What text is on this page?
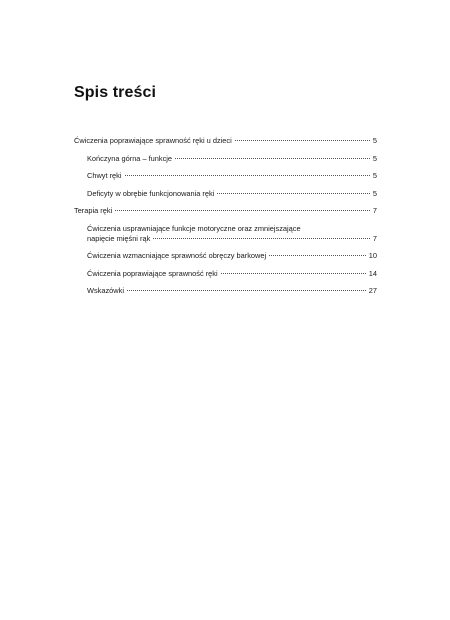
Spis treści
Ćwiczenia poprawiające sprawność ręki u dzieci	5
Kończyna górna – funkcje	5
Chwyt ręki	5
Deficyty w obrębie funkcjonowania ręki	5
Terapia ręki	7
Ćwiczenia usprawniające funkcje motoryczne oraz zmniejszające
napięcie mięśni rąk	7
Ćwiczenia wzmacniające sprawność obręczy barkowej	10
Ćwiczenia poprawiające sprawność ręki	14
Wskazówki	27
